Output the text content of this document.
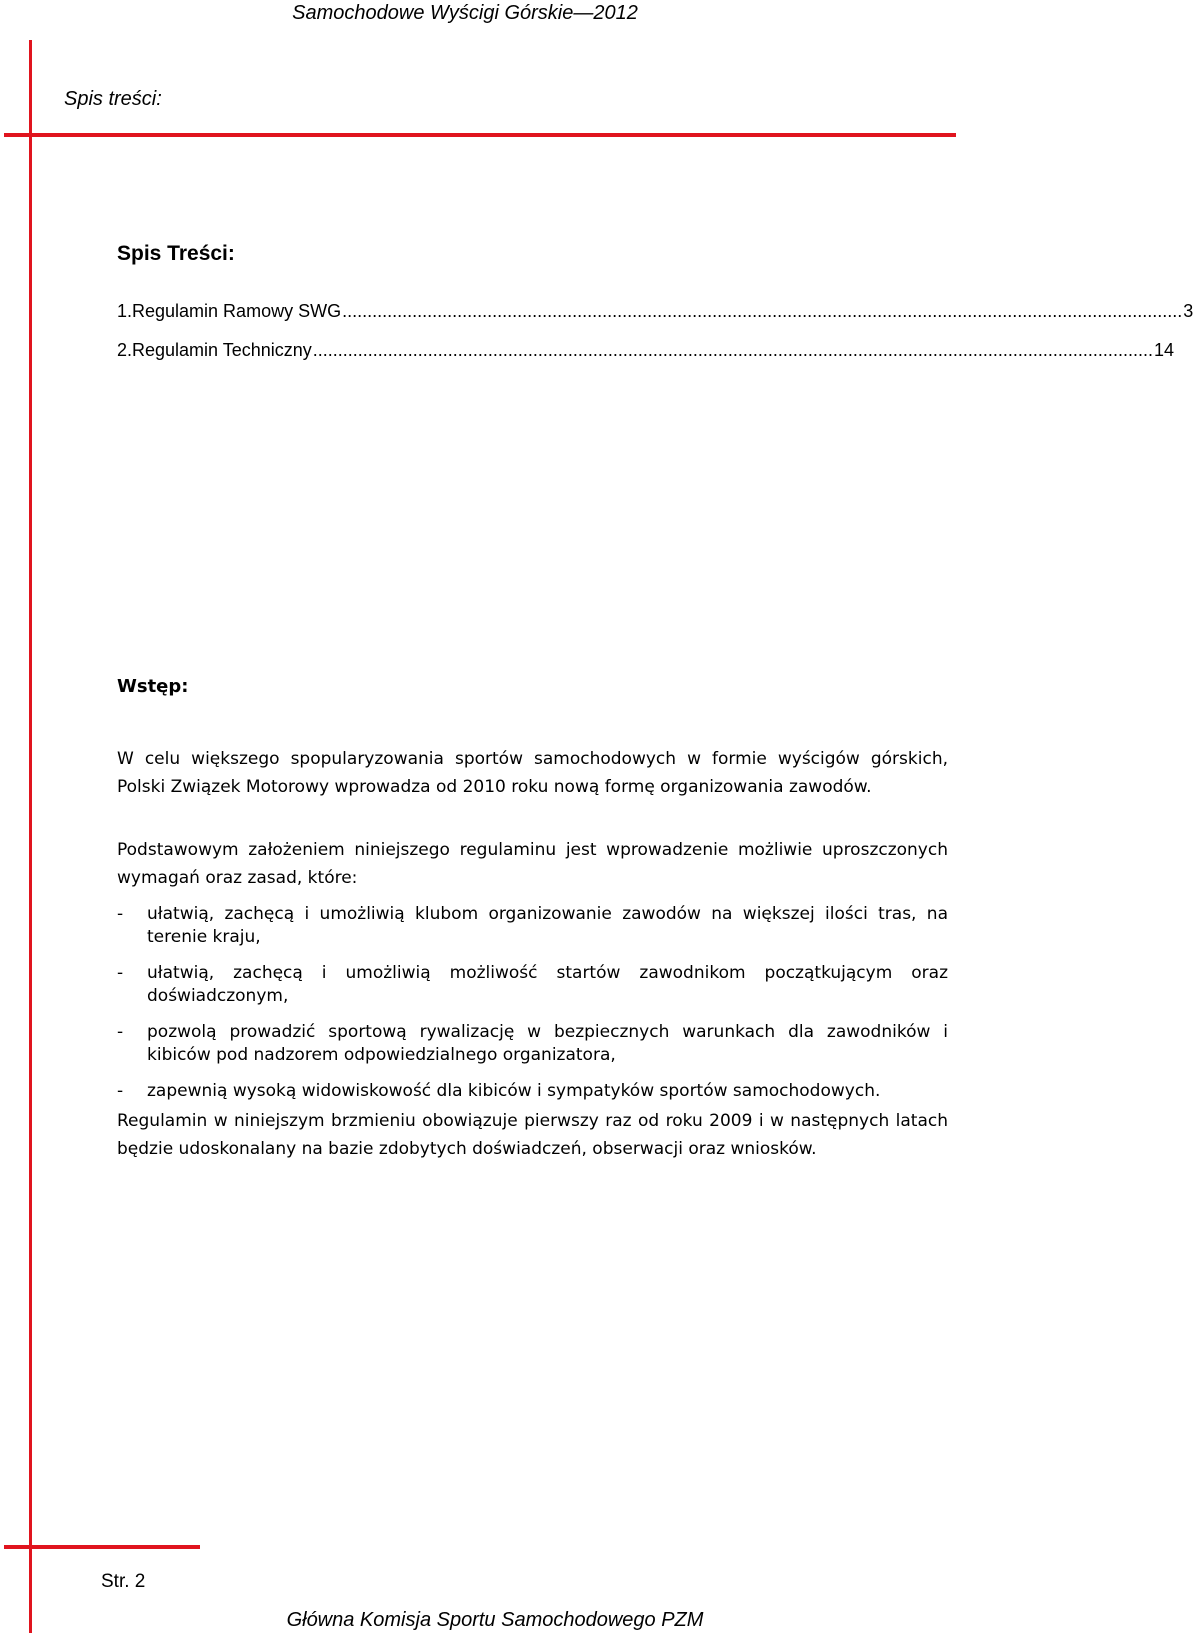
Samochodowe Wyścigi Górskie—2012
Spis treści:
Spis Treści:
1. Regulamin Ramowy SWG ........................................................................................................................................................................ 3
2. Regulamin Techniczny ........................................................................................................................................................................ 14
Wstęp:
W celu większego spopularyzowania sportów samochodowych w formie wyścigów górskich, Polski Związek Motorowy wprowadza od 2010 roku nową formę organizowania zawodów.
Podstawowym założeniem niniejszego regulaminu jest wprowadzenie możliwie uproszczonych wymagań oraz zasad, które:
- ułatwią, zachęcą i umożliwią klubom organizowanie zawodów na większej ilości tras, na terenie kraju,
- ułatwią, zachęcą i umożliwią możliwość startów zawodnikom początkującym oraz doświadczonym,
- pozwolą prowadzić sportową rywalizację w bezpiecznych warunkach dla zawodników i kibiców pod nadzorem odpowiedzialnego organizatora,
- zapewnią wysoką widowiskowość dla kibiców i sympatyków sportów samochodowych.
Regulamin w niniejszym brzmieniu obowiązuje pierwszy raz od roku 2009 i w następnych latach będzie udoskonalany na bazie zdobytych doświadczeń, obserwacji oraz wniosków.
Str. 2
Główna Komisja Sportu Samochodowego PZM
